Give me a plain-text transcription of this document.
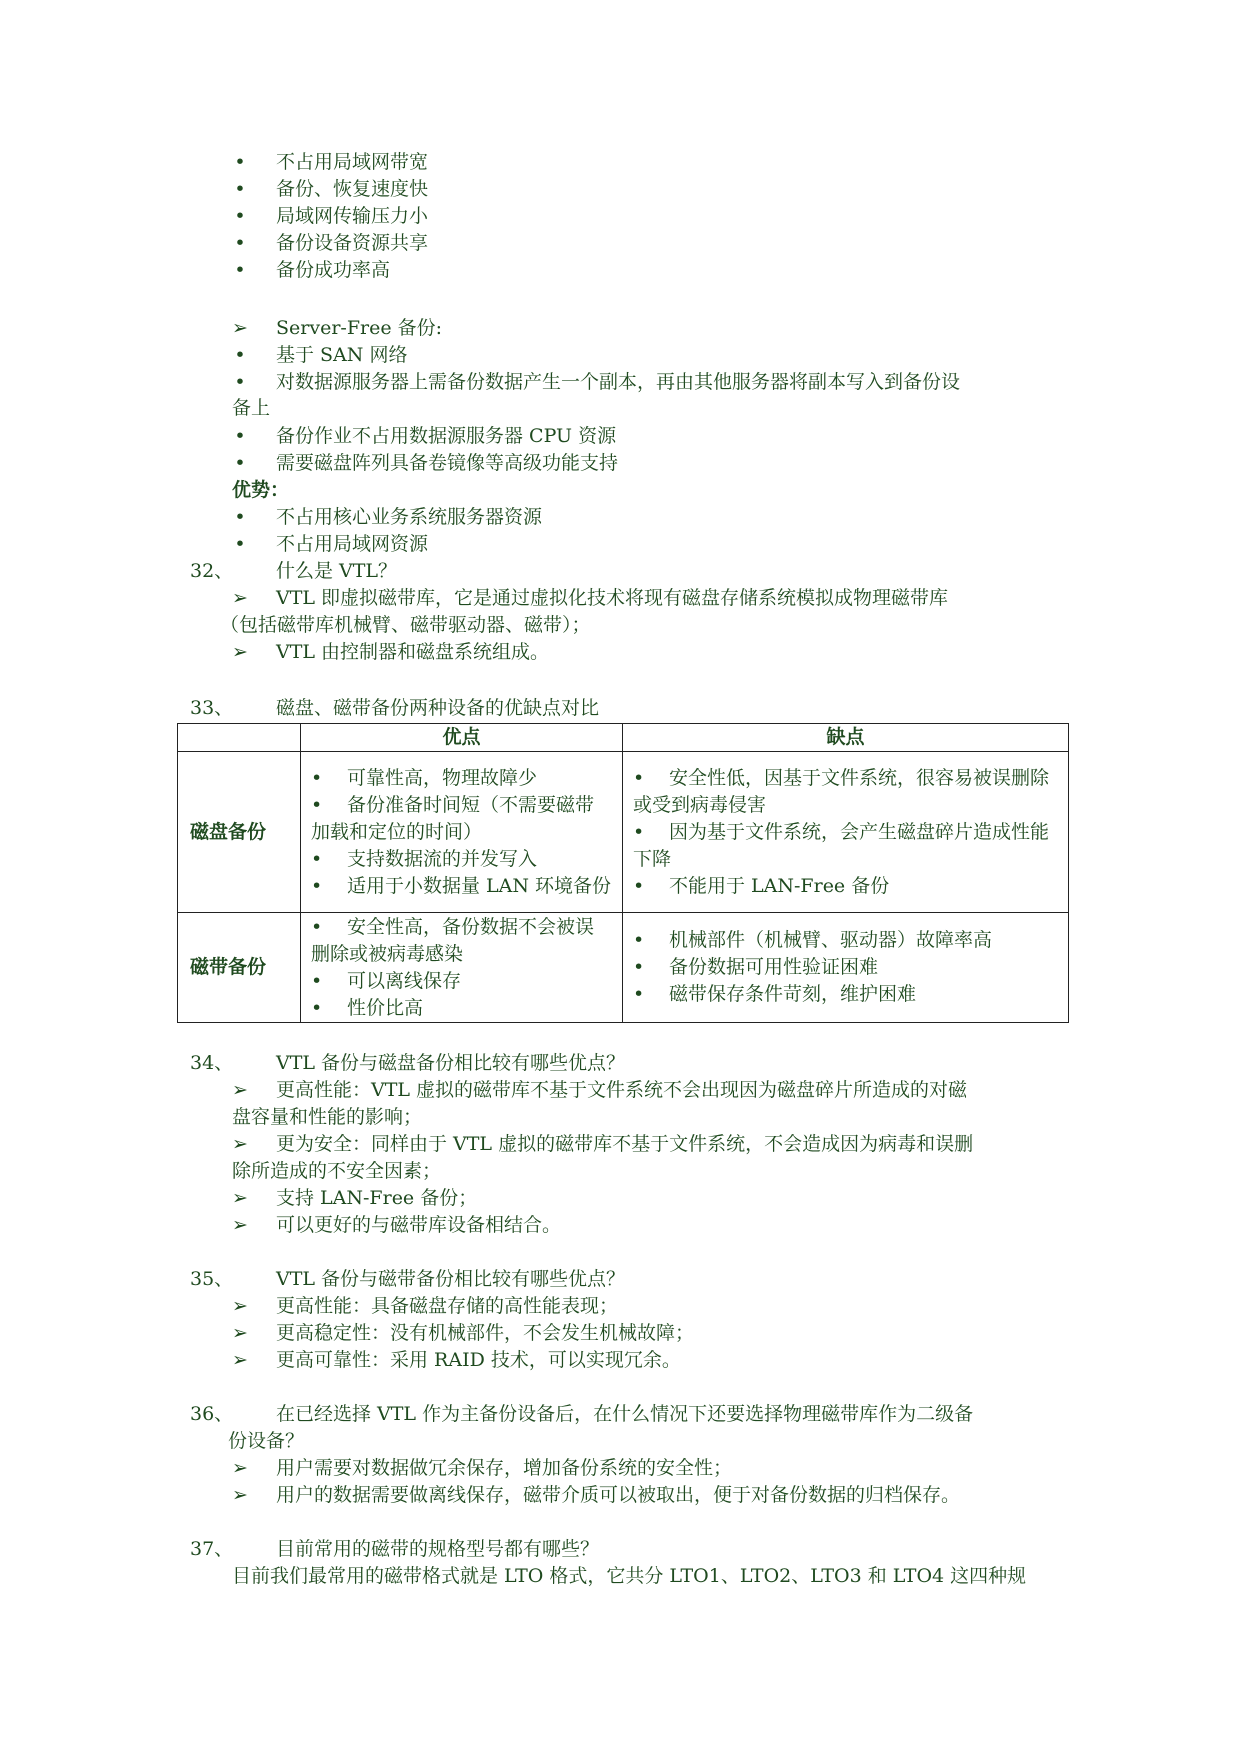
• 不占用局域网带宽
• 备份、恢复速度快
• 局域网传输压力小
• 备份设备资源共享
• 备份成功率高
➢ Server-Free 备份:
• 基于 SAN 网络
• 对数据源服务器上需备份数据产生一个副本，再由其他服务器将副本写入到备份设
备上
• 备份作业不占用数据源服务器 CPU 资源
• 需要磁盘阵列具备卷镜像等高级功能支持
优势：
• 不占用核心业务系统服务器资源
• 不占用局域网资源
32、 什么是 VTL？
➢ VTL 即虚拟磁带库，它是通过虚拟化技术将现有磁盘存储系统模拟成物理磁带库
（包括磁带库机械臂、磁带驱动器、磁带）；
➢ VTL 由控制器和磁盘系统组成。
33、 磁盘、磁带备份两种设备的优缺点对比
	优点	缺点
磁盘备份	• 可靠性高，物理故障少
• 备份准备时间短（不需要磁带加载和定位的时间）
• 支持数据流的并发写入
• 适用于小数据量 LAN 环境备份	• 安全性低，因基于文件系统，很容易被误删除或受到病毒侵害
• 因为基于文件系统，会产生磁盘碎片造成性能下降
• 不能用于 LAN-Free 备份

磁带备份	• 安全性高，备份数据不会被误删除或被病毒感染
• 可以离线保存
• 性价比高	• 机械部件（机械臂、驱动器）故障率高
• 备份数据可用性验证困难
• 磁带保存条件苛刻，维护困难
34、 VTL 备份与磁盘备份相比较有哪些优点？
➢ 更高性能：VTL 虚拟的磁带库不基于文件系统不会出现因为磁盘碎片所造成的对磁
盘容量和性能的影响；
➢ 更为安全：同样由于 VTL 虚拟的磁带库不基于文件系统，不会造成因为病毒和误删
除所造成的不安全因素；
➢ 支持 LAN-Free 备份；
➢ 可以更好的与磁带库设备相结合。
35、 VTL 备份与磁带备份相比较有哪些优点？
➢ 更高性能：具备磁盘存储的高性能表现；
➢ 更高稳定性：没有机械部件，不会发生机械故障；
➢ 更高可靠性：采用 RAID 技术，可以实现冗余。
36、 在已经选择 VTL 作为主备份设备后，在什么情况下还要选择物理磁带库作为二级备
份设备？
➢ 用户需要对数据做冗余保存，增加备份系统的安全性；
➢ 用户的数据需要做离线保存，磁带介质可以被取出，便于对备份数据的归档保存。
37、 目前常用的磁带的规格型号都有哪些？
目前我们最常用的磁带格式就是 LTO 格式，它共分 LTO1、LTO2、LTO3 和 LTO4 这四种规
